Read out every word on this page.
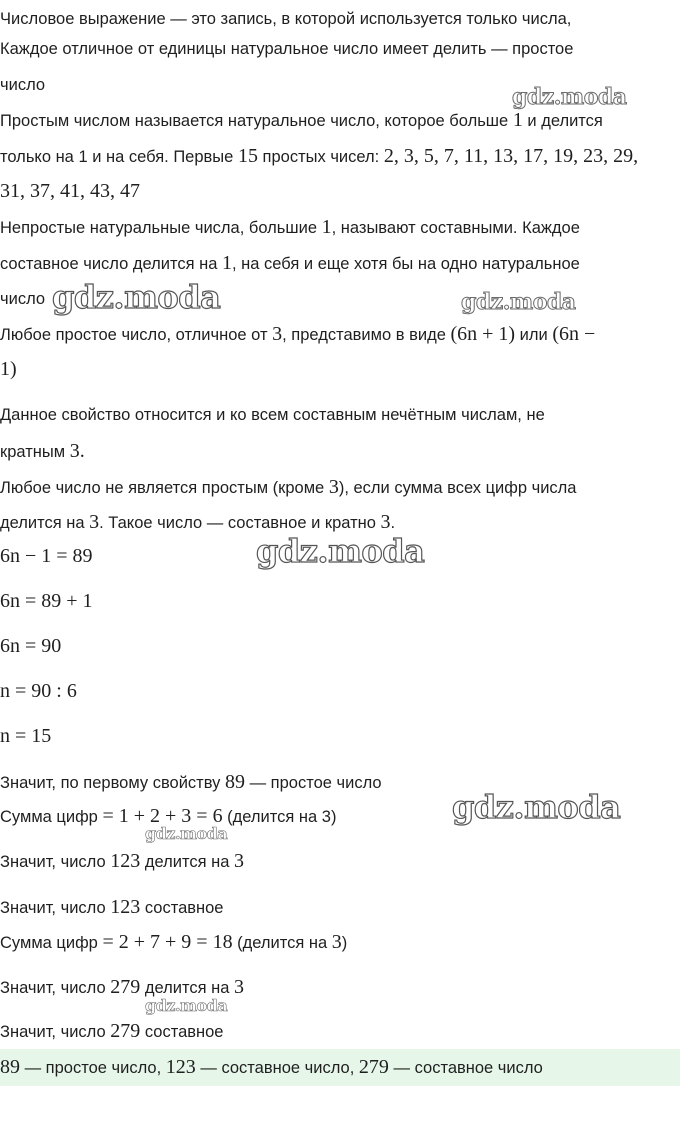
Числовое выражение — это запись, в которой используется только числа,
Каждое отличное от единицы натуральное число имеет делить — простое
число
Простым числом называется натуральное число, которое больше 1 и делится
только на 1 и на себя. Первые 15 простых чисел: 2, 3, 5, 7, 11, 13, 17, 19, 23, 29,
31, 37, 41, 43, 47
Непростые натуральные числа, большие 1, называют составными. Каждое
составное число делится на 1, на себя и еще хотя бы на одно натуральное
число
Любое простое число, отличное от 3, представимо в виде (6n + 1) или (6n −
1)
Данное свойство относится и ко всем составным нечётным числам, не
кратным 3.
Любое число не является простым (кроме 3), если сумма всех цифр числа
делится на 3. Такое число — составное и кратно 3.
6n − 1 = 89
6n = 89 + 1
6n = 90
n = 90 : 6
n = 15
Значит, по первому свойству 89 — простое число
Сумма цифр = 1 + 2 + 3 = 6 (делится на 3)
Значит, число 123 делится на 3
Значит, число 123 составное
Сумма цифр = 2 + 7 + 9 = 18 (делится на 3)
Значит, число 279 делится на 3
Значит, число 279 составное
89 — простое число, 123 — составное число, 279 — составное число
gdz.moda
gdz.moda	gdz.moda
gdz.moda
gdz.moda
gdz.moda
gdz.moda
